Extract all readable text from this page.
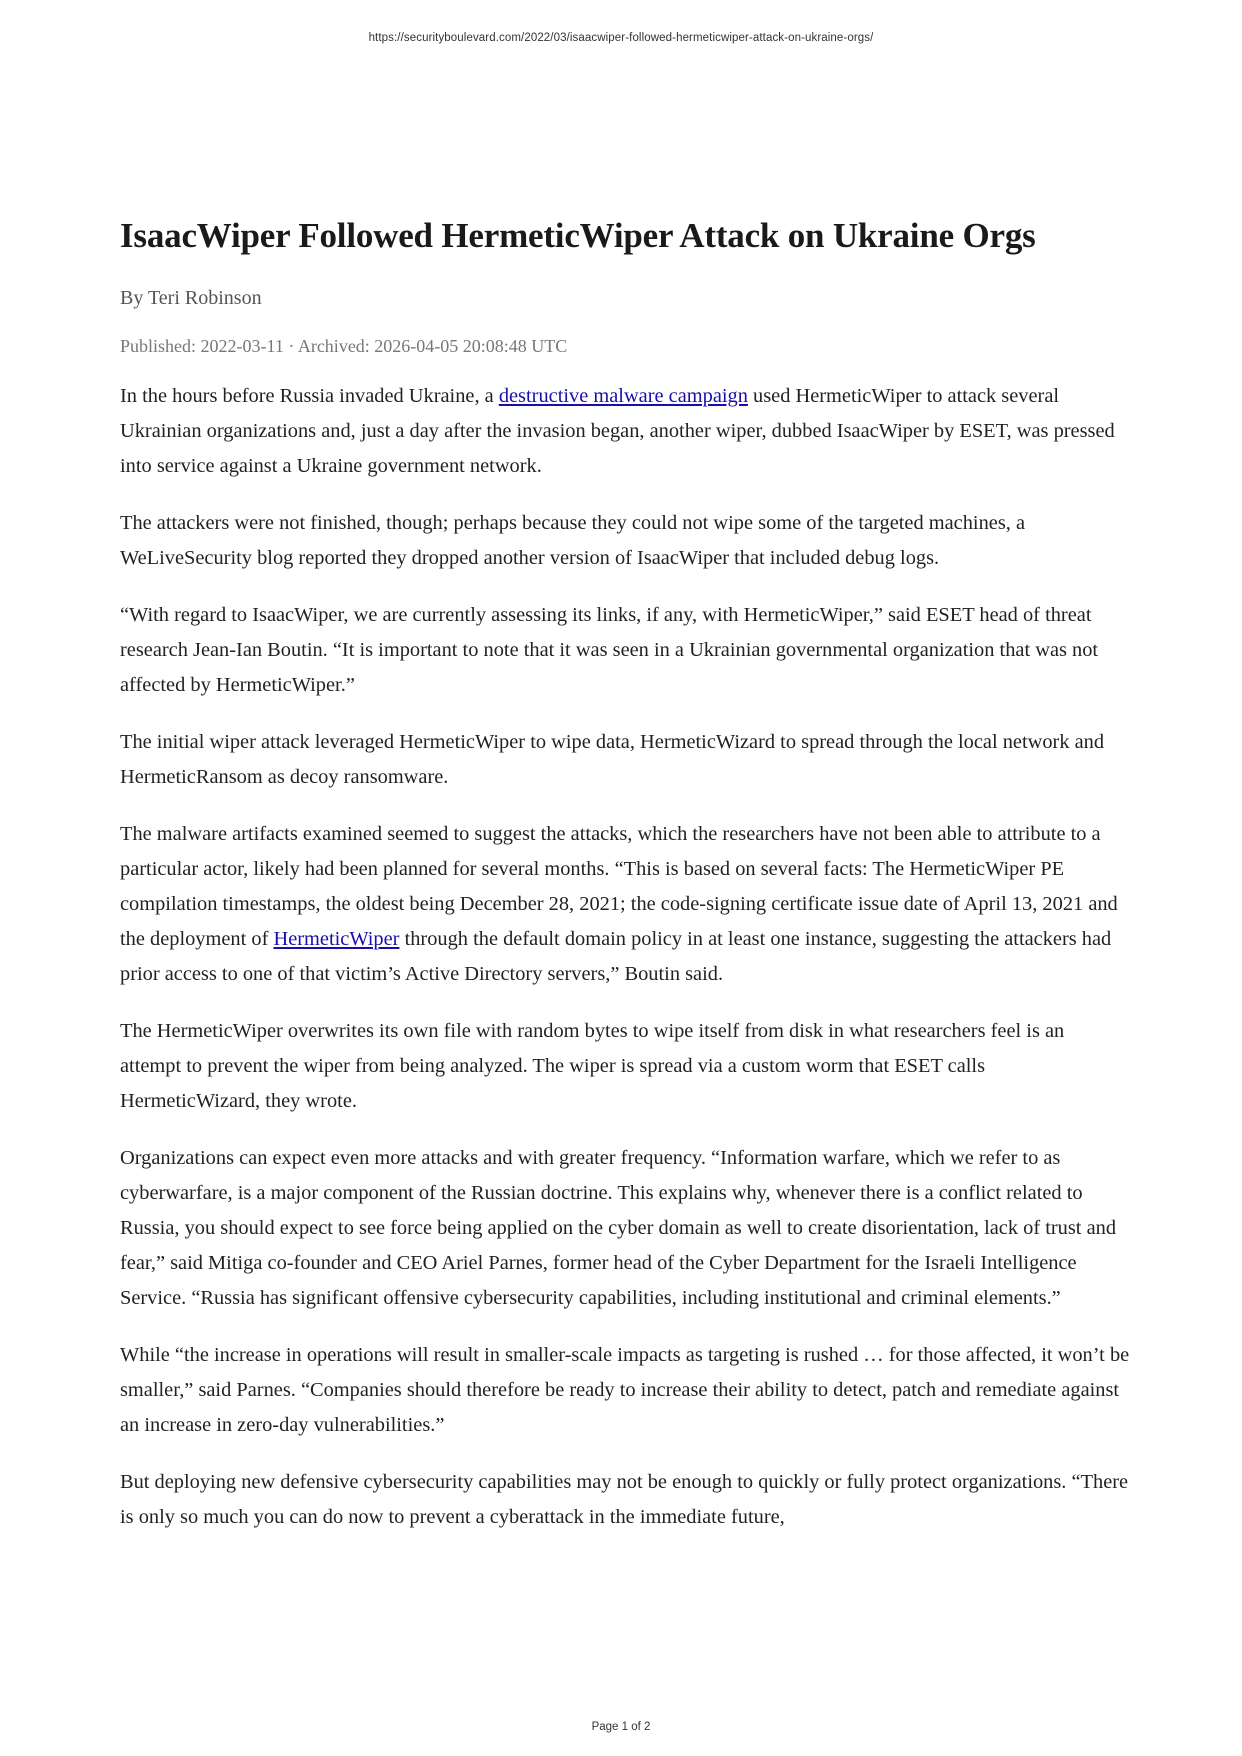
https://securityboulevard.com/2022/03/isaacwiper-followed-hermeticwiper-attack-on-ukraine-orgs/
IsaacWiper Followed HermeticWiper Attack on Ukraine Orgs
By Teri Robinson
Published: 2022-03-11 · Archived: 2026-04-05 20:08:48 UTC

In the hours before Russia invaded Ukraine, a destructive malware campaign used HermeticWiper to attack several Ukrainian organizations and, just a day after the invasion began, another wiper, dubbed IsaacWiper by ESET, was pressed into service against a Ukraine government network.

The attackers were not finished, though; perhaps because they could not wipe some of the targeted machines, a WeLiveSecurity blog reported they dropped another version of IsaacWiper that included debug logs.

“With regard to IsaacWiper, we are currently assessing its links, if any, with HermeticWiper,” said ESET head of threat research Jean-Ian Boutin. “It is important to note that it was seen in a Ukrainian governmental organization that was not affected by HermeticWiper.”

The initial wiper attack leveraged HermeticWiper to wipe data, HermeticWizard to spread through the local network and HermeticRansom as decoy ransomware.

The malware artifacts examined seemed to suggest the attacks, which the researchers have not been able to attribute to a particular actor, likely had been planned for several months. “This is based on several facts: The HermeticWiper PE compilation timestamps, the oldest being December 28, 2021; the code-signing certificate issue date of April 13, 2021 and the deployment of HermeticWiper through the default domain policy in at least one instance, suggesting the attackers had prior access to one of that victim’s Active Directory servers,” Boutin said.

The HermeticWiper overwrites its own file with random bytes to wipe itself from disk in what researchers feel is an attempt to prevent the wiper from being analyzed. The wiper is spread via a custom worm that ESET calls HermeticWizard, they wrote.

Organizations can expect even more attacks and with greater frequency. “Information warfare, which we refer to as cyberwarfare, is a major component of the Russian doctrine. This explains why, whenever there is a conflict related to Russia, you should expect to see force being applied on the cyber domain as well to create disorientation, lack of trust and fear,” said Mitiga co-founder and CEO Ariel Parnes, former head of the Cyber Department for the Israeli Intelligence Service. “Russia has significant offensive cybersecurity capabilities, including institutional and criminal elements.”

While “the increase in operations will result in smaller-scale impacts as targeting is rushed … for those affected, it won’t be smaller,” said Parnes. “Companies should therefore be ready to increase their ability to detect, patch and remediate against an increase in zero-day vulnerabilities.”

But deploying new defensive cybersecurity capabilities may not be enough to quickly or fully protect organizations. “There is only so much you can do now to prevent a cyberattack in the immediate future,

Page 1 of 2
